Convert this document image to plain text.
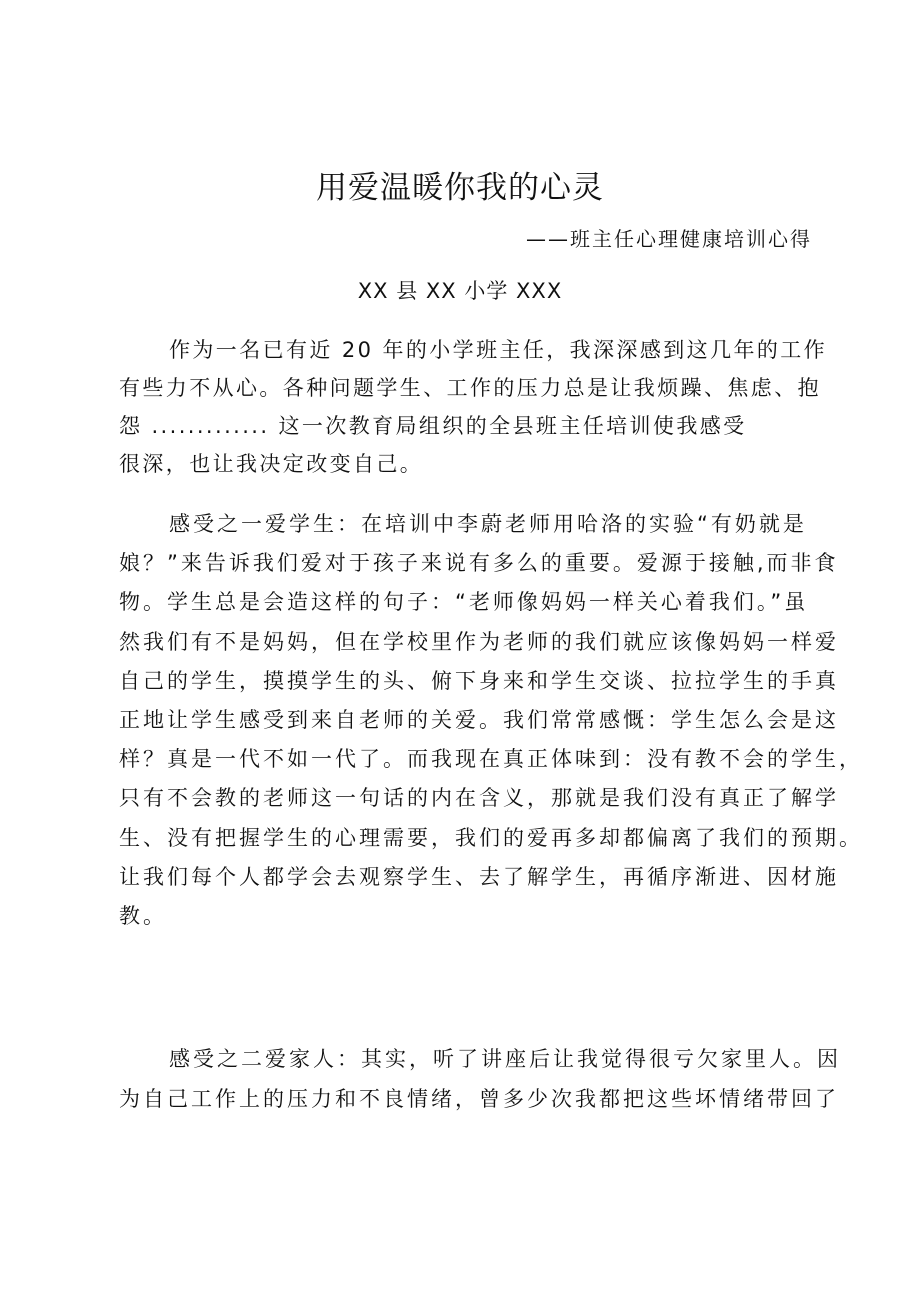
用爱温暖你我的心灵
——班主任心理健康培训心得
XX 县 XX 小学 XXX
作为一名已有近 20 年的小学班主任，我深深感到这几年的工作
有些力不从心。各种问题学生、工作的压力总是让我烦躁、焦虑、抱
怨 ............. 这一次教育局组织的全县班主任培训使我感受
很深，也让我决定改变自己。
感受之一爱学生：在培训中李蔚老师用哈洛的实验“有奶就是
娘？”来告诉我们爱对于孩子来说有多么的重要。爱源于接触,而非食
物。学生总是会造这样的句子：“老师像妈妈一样关心着我们。”虽
然我们有不是妈妈，但在学校里作为老师的我们就应该像妈妈一样爱
自己的学生，摸摸学生的头、俯下身来和学生交谈、拉拉学生的手真
正地让学生感受到来自老师的关爱。我们常常感慨：学生怎么会是这
样？真是一代不如一代了。而我现在真正体味到：没有教不会的学生，
只有不会教的老师这一句话的内在含义，那就是我们没有真正了解学
生、没有把握学生的心理需要，我们的爱再多却都偏离了我们的预期。
让我们每个人都学会去观察学生、去了解学生，再循序渐进、因材施
教。
感受之二爱家人：其实，听了讲座后让我觉得很亏欠家里人。因
为自己工作上的压力和不良情绪，曾多少次我都把这些坏情绪带回了
